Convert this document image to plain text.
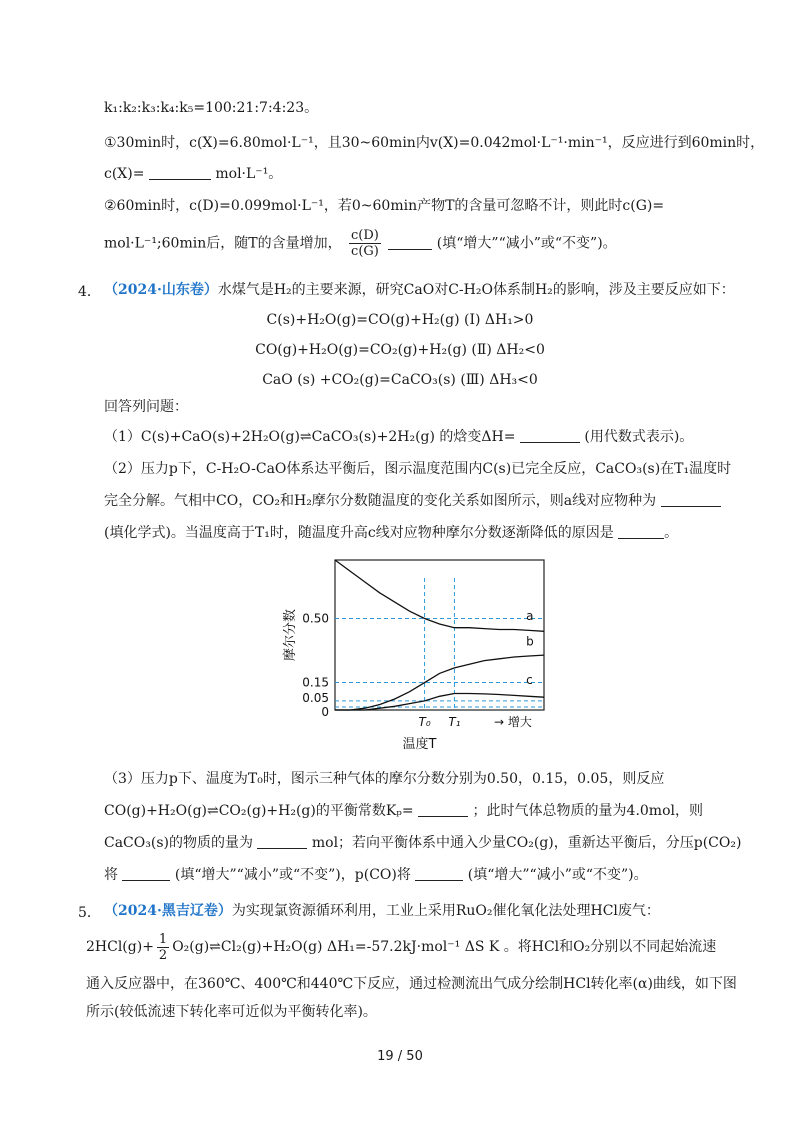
k₁:k₂:k₃:k₄:k₅=100:21:7:4:23。
①30min时，c(X)=6.80mol·L⁻¹，且30~60min内v(X)=0.042mol·L⁻¹·min⁻¹，反应进行到60min时，
c(X)=	mol·L⁻¹。
②60min时，c(D)=0.099mol·L⁻¹，若0~60min产物T的含量可忽略不计，则此时c(G)=
mol·L⁻¹;60min后，随T的含量增加， $\frac{c(D)}{c(G)}$	(填“增大”“减小”或“不变”)。
4． （2024·山东卷）水煤气是H₂的主要来源，研究CaO对C-H₂O体系制H₂的影响，涉及主要反应如下：
C(s)+H₂O(g)=CO(g)+H₂(g) (Ⅰ) ΔH₁>0
CO(g)+H₂O(g)=CO₂(g)+H₂(g) (Ⅱ) ΔH₂<0
CaO (s) +CO₂(g)=CaCO₃(s) (Ⅲ) ΔH₃<0
回答列问题：
（1）C(s)+CaO(s)+2H₂O(g)⇌CaCO₃(s)+2H₂(g) 的焓变ΔH=	(用代数式表示)。
（2）压力p下，C-H₂O-CaO体系达平衡后，图示温度范围内C(s)已完全反应，CaCO₃(s)在T₁温度时
完全分解。气相中CO，CO₂和H₂摩尔分数随温度的变化关系如图所示，则a线对应物种为
(填化学式)。当温度高于T₁时，随温度升高c线对应物种摩尔分数逐渐降低的原因是	。
a
b
c
0.50
0.15
0.05
0
T₀ T₁	→ 增大
温度T
摩尔分数
（3）压力p下、温度为T₀时，图示三种气体的摩尔分数分别为0.50，0.15，0.05，则反应
CO(g)+H₂O(g)⇌CO₂(g)+H₂(g)的平衡常数Kₚ=	；此时气体总物质的量为4.0mol，则
CaCO₃(s)的物质的量为	mol；若向平衡体系中通入少量CO₂(g)，重新达平衡后，分压p(CO₂)
将	(填“增大”“减小”或“不变”)，p(CO)将	(填“增大”“减小”或“不变”)。
5． （2024·黑吉辽卷）为实现氯资源循环利用，工业上采用RuO₂催化氧化法处理HCl废气：
$2HCl(g)+ \frac{1}{2}$ O₂(g)⇌Cl₂(g)+H₂O(g) ΔH₁=-57.2kJ·mol⁻¹ ΔS K 。将HCl和O₂分别以不同起始流速
通入反应器中，在360℃、400℃和440℃下反应，通过检测流出气成分绘制HCl转化率(α)曲线，如下图
所示(较低流速下转化率可近似为平衡转化率)。
19 / 50
